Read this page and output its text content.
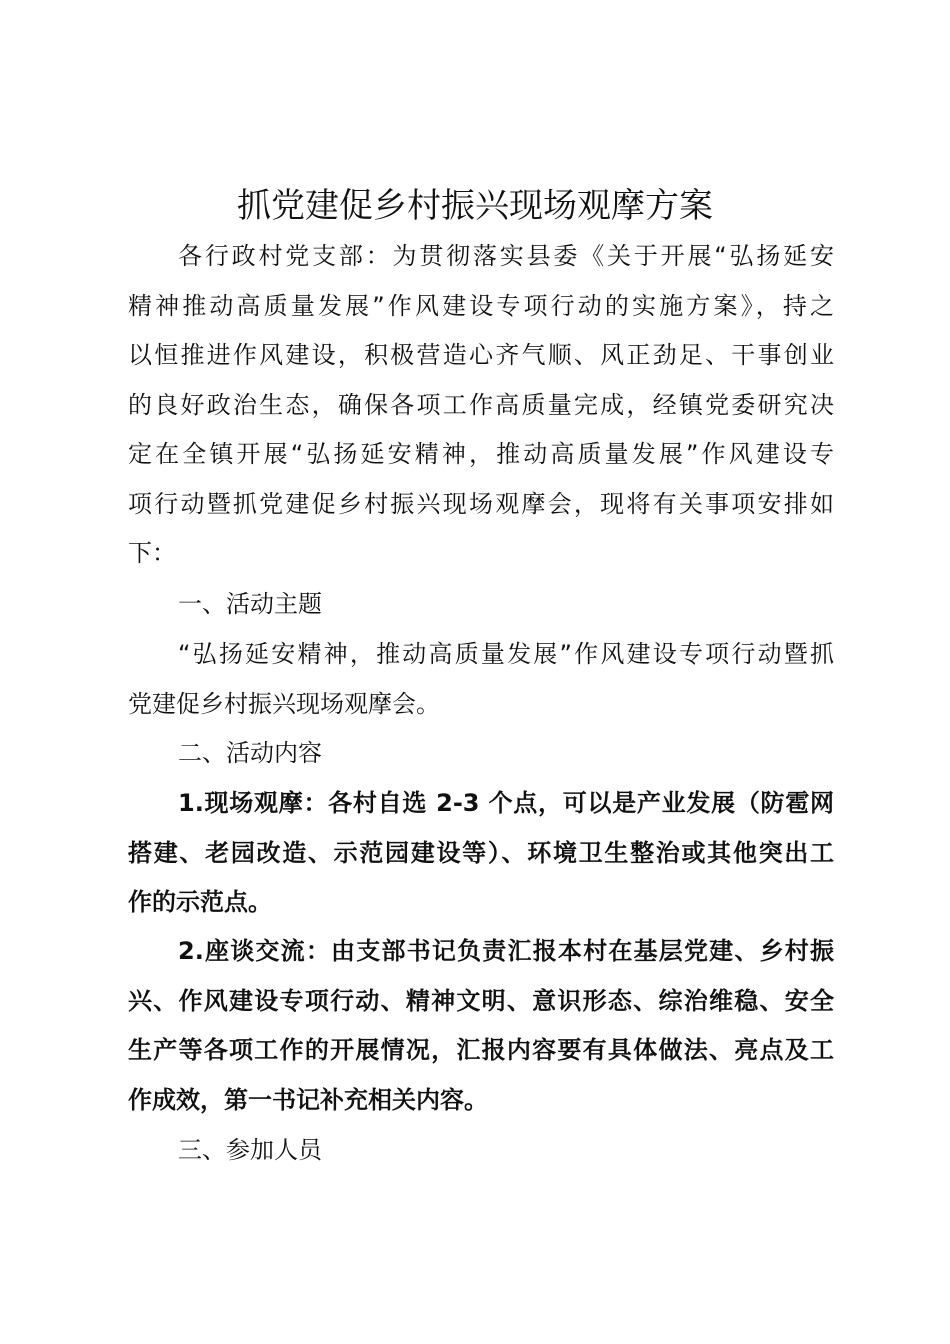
抓党建促乡村振兴现场观摩方案
各行政村党支部：为贯彻落实县委《关于开展“弘扬延安
精神推动高质量发展”作风建设专项行动的实施方案》，持之
以恒推进作风建设，积极营造心齐气顺、风正劲足、干事创业
的良好政治生态，确保各项工作高质量完成，经镇党委研究决
定在全镇开展“弘扬延安精神，推动高质量发展”作风建设专
项行动暨抓党建促乡村振兴现场观摩会，现将有关事项安排如
下：

一、活动主题

“弘扬延安精神，推动高质量发展”作风建设专项行动暨抓
党建促乡村振兴现场观摩会。

二、活动内容

1.现场观摩：各村自选 2-3 个点，可以是产业发展（防雹网
搭建、老园改造、示范园建设等）、环境卫生整治或其他突出工
作的示范点。
2.座谈交流：由支部书记负责汇报本村在基层党建、乡村振
兴、作风建设专项行动、精神文明、意识形态、综治维稳、安全
生产等各项工作的开展情况，汇报内容要有具体做法、亮点及工
作成效，第一书记补充相关内容。

三、参加人员
